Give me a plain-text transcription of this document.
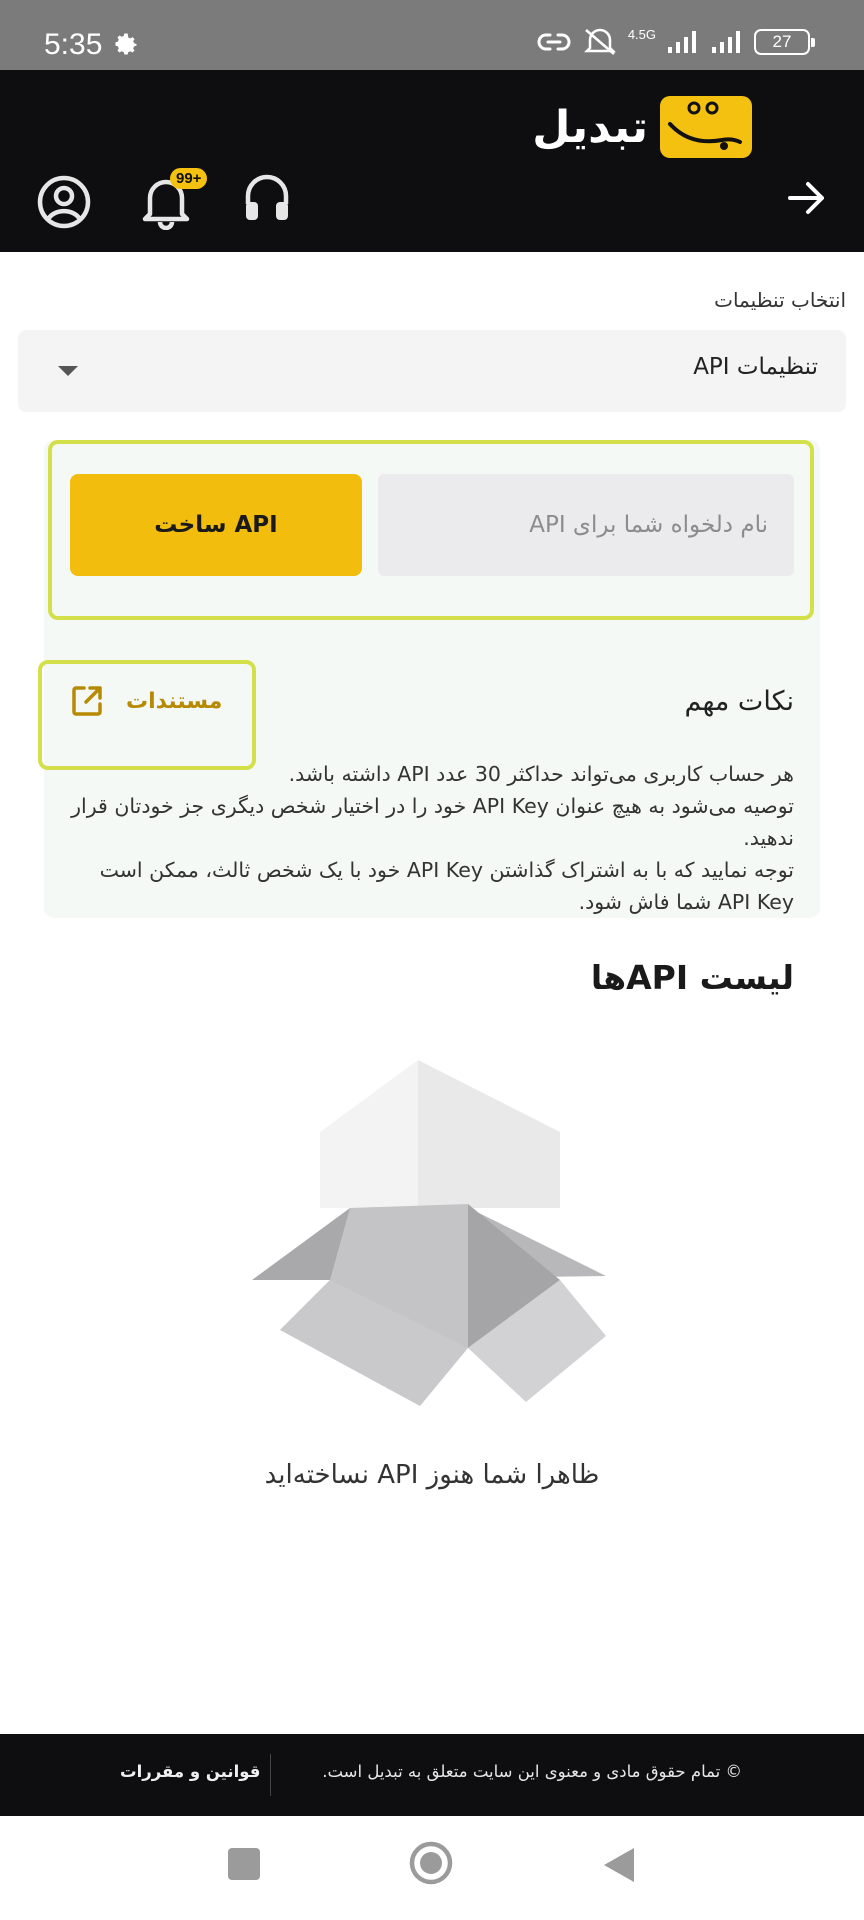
5:35	4.5G	27
تبدیل
99+
انتخاب تنظیمات
تنظیمات API
نام دلخواه شما برای API
ساخت API
نکات مهم
مستندات
هر حساب کاربری می‌تواند حداکثر 30 عدد API داشته باشد.
توصیه می‌شود به هیچ عنوان API Key خود را در اختیار شخص دیگری جز خودتان قرار ندهید.
توجه نمایید که با به اشتراک گذاشتن API Key خود با یک شخص ثالث، ممکن است API Key شما فاش شود.
لیست APIها
ظاهرا شما هنوز API نساخته‌اید
© تمام حقوق مادی و معنوی این سایت متعلق به تبدیل است.
قوانین و مقررات
